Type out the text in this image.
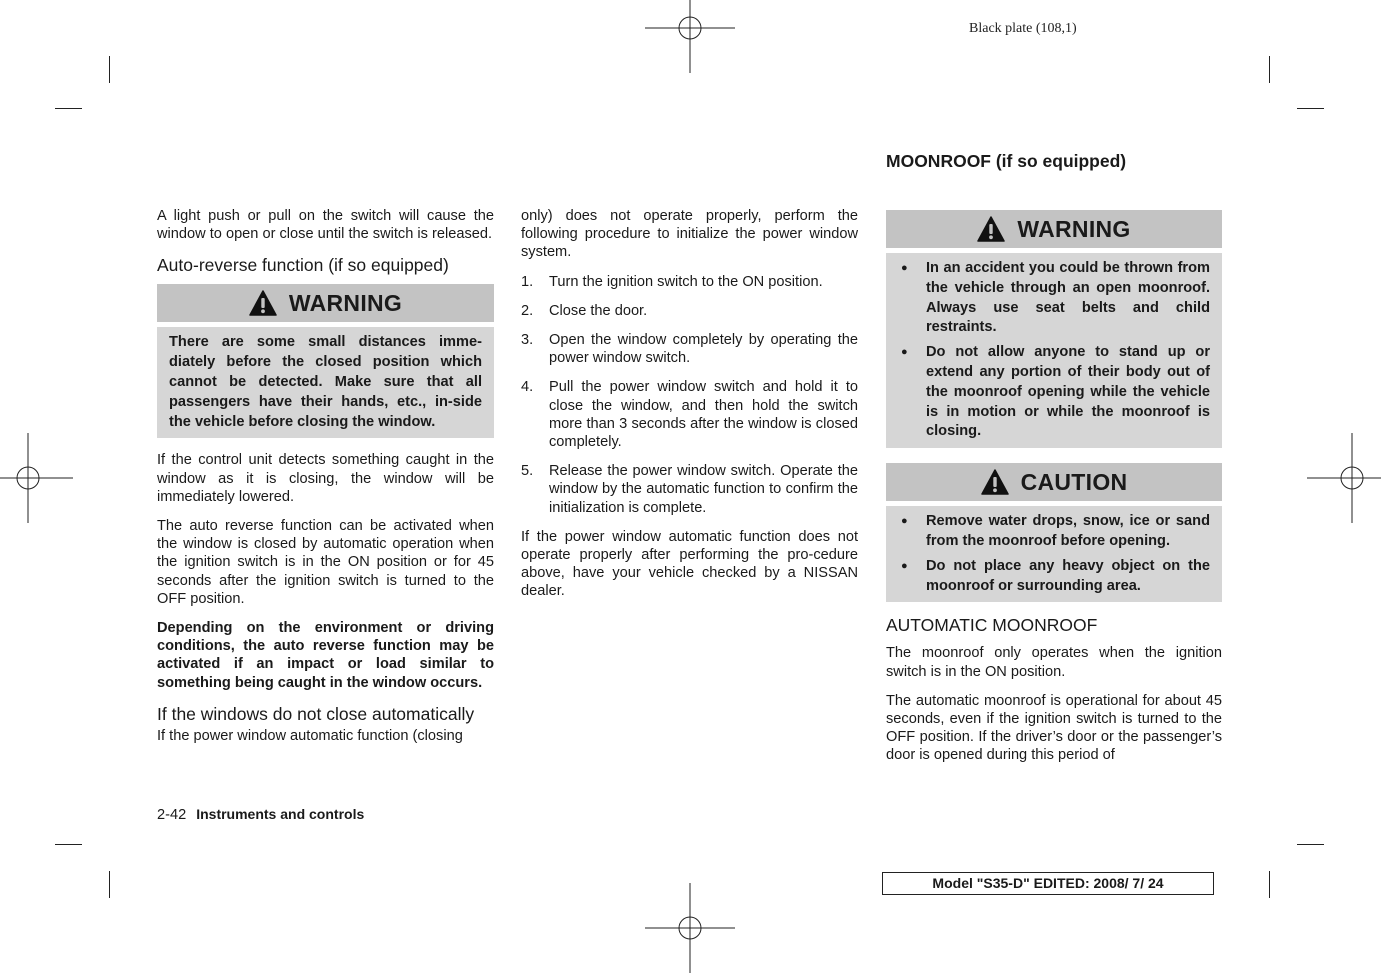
Black plate (108,1)

A light push or pull on the switch will cause the window to open or close until the switch is released.

Auto-reverse function (if so equipped)
WARNING
There are some small distances imme-diately before the closed position which cannot be detected. Make sure that all passengers have their hands, etc., in-side the vehicle before closing the window.

If the control unit detects something caught in the window as it is closing, the window will be immediately lowered.

The auto reverse function can be activated when the window is closed by automatic operation when the ignition switch is in the ON position or for 45 seconds after the ignition switch is turned to the OFF position.

Depending on the environment or driving conditions, the auto reverse function may be activated if an impact or load similar to something being caught in the window occurs.

If the windows do not close automatically

If the power window automatic function (closing

only) does not operate properly, perform the following procedure to initialize the power window system.

1. Turn the ignition switch to the ON position.
2. Close the door.
3. Open the window completely by operating the power window switch.
4. Pull the power window switch and hold it to close the window, and then hold the switch more than 3 seconds after the window is closed completely.
5. Release the power window switch. Operate the window by the automatic function to confirm the initialization is complete.

If the power window automatic function does not operate properly after performing the pro-cedure above, have your vehicle checked by a NISSAN dealer.

MOONROOF (if so equipped)
WARNING
● In an accident you could be thrown from the vehicle through an open moonroof. Always use seat belts and child restraints.
● Do not allow anyone to stand up or extend any portion of their body out of the moonroof opening while the vehicle is in motion or while the moonroof is closing.
CAUTION
● Remove water drops, snow, ice or sand from the moonroof before opening.
● Do not place any heavy object on the moonroof or surrounding area.
AUTOMATIC MOONROOF

The moonroof only operates when the ignition switch is in the ON position.

The automatic moonroof is operational for about 45 seconds, even if the ignition switch is turned to the OFF position. If the driver’s door or the passenger’s door is opened during this period of

2-42 Instruments and controls
Model "S35-D" EDITED: 2008/ 7/ 24
